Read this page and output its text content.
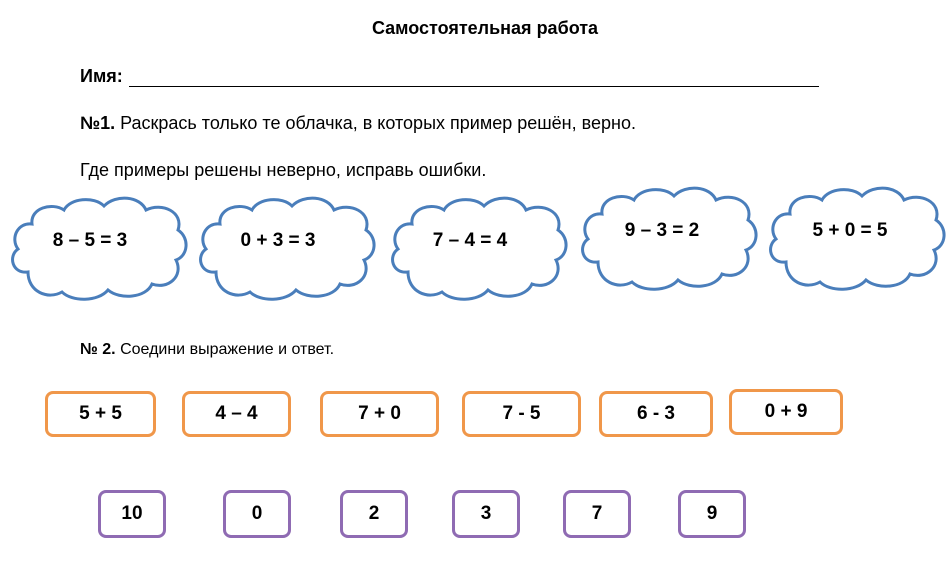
Самостоятельная работа
Имя:
№1. Раскрась только те облачка, в которых пример решён, верно.
Где примеры решены неверно, исправь ошибки.
8 – 5 = 3	0 + 3 = 3	7 – 4 = 4	9 – 3 = 2	5 + 0 = 5
№ 2. Соедини выражение и ответ.
5 + 5	4 – 4	7 + 0	7 - 5	6 - 3	0 + 9
10	0	2	3	7	9
